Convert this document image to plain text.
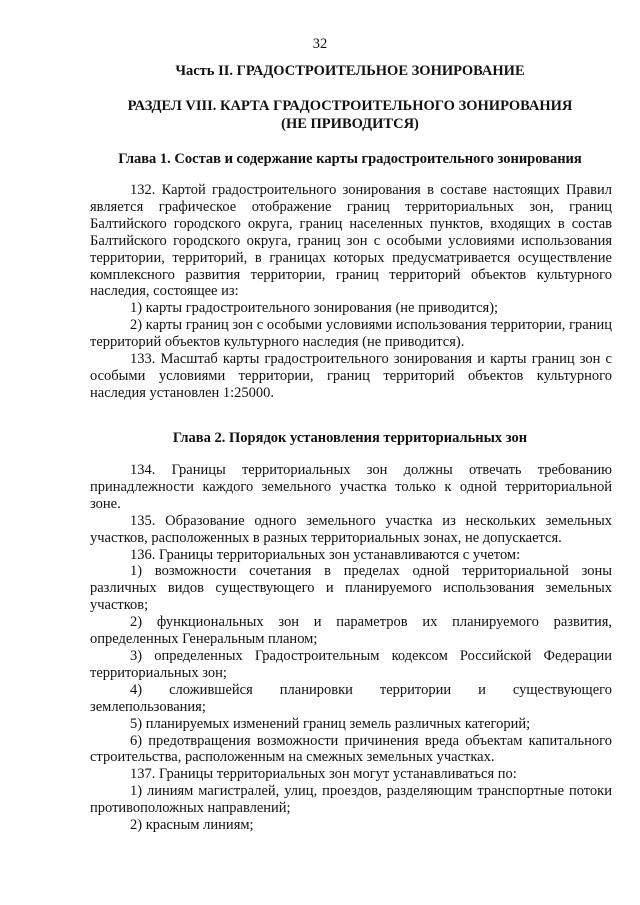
32
Часть II. ГРАДОСТРОИТЕЛЬНОЕ ЗОНИРОВАНИЕ
РАЗДЕЛ VIII. КАРТА ГРАДОСТРОИТЕЛЬНОГО ЗОНИРОВАНИЯ
(НЕ ПРИВОДИТСЯ)
Глава 1. Состав и содержание карты градостроительного зонирования

132. Картой градостроительного зонирования в составе настоящих Правил является графическое отображение границ территориальных зон, границ Балтийского городского округа, границ населенных пунктов, входящих в состав Балтийского городского округа, границ зон с особыми условиями использования территории, территорий, в границах которых предусматривается осуществление комплексного развития территории, границ территорий объектов культурного наследия, состоящее из:

1) карты градостроительного зонирования (не приводится);

2) карты границ зон с особыми условиями использования территории, границ территорий объектов культурного наследия (не приводится).

133. Масштаб карты градостроительного зонирования и карты границ зон с особыми условиями территории, границ территорий объектов культурного наследия установлен 1:25000.

Глава 2. Порядок установления территориальных зон

134. Границы территориальных зон должны отвечать требованию принадлежности каждого земельного участка только к одной территориальной зоне.

135. Образование одного земельного участка из нескольких земельных участков, расположенных в разных территориальных зонах, не допускается.

136. Границы территориальных зон устанавливаются с учетом:

1) возможности сочетания в пределах одной территориальной зоны различных видов существующего и планируемого использования земельных участков;

2) функциональных зон и параметров их планируемого развития, определенных Генеральным планом;

3) определенных Градостроительным кодексом Российской Федерации территориальных зон;

4) сложившейся планировки территории и существующего землепользования;

5) планируемых изменений границ земель различных категорий;

6) предотвращения возможности причинения вреда объектам капитального строительства, расположенным на смежных земельных участках.

137. Границы территориальных зон могут устанавливаться по:

1) линиям магистралей, улиц, проездов, разделяющим транспортные потоки противоположных направлений;

2) красным линиям;
